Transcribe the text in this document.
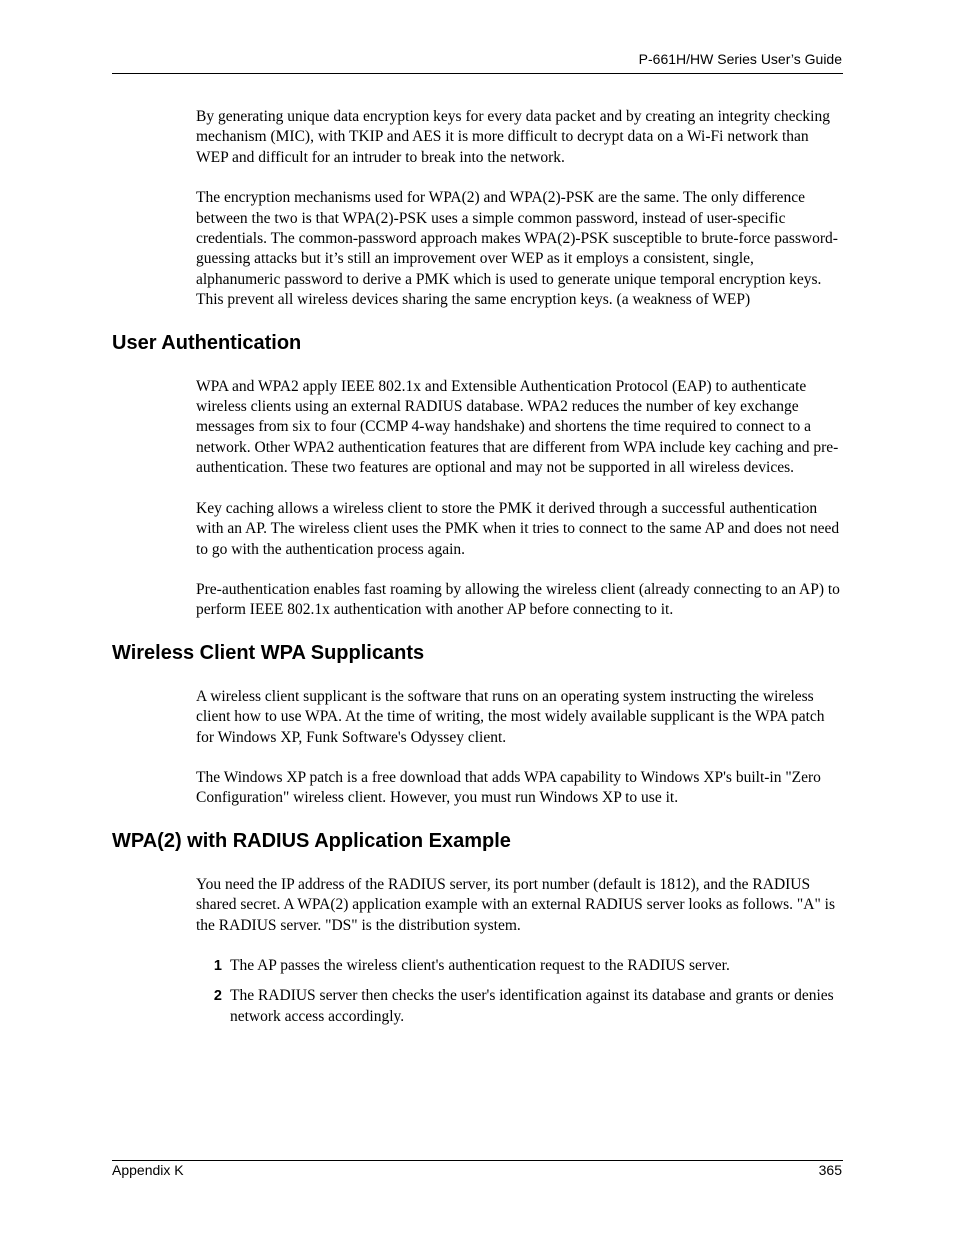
P-661H/HW Series User’s Guide

By generating unique data encryption keys for every data packet and by creating an integrity checking mechanism (MIC), with TKIP and AES it is more difficult to decrypt data on a Wi-Fi network than WEP and difficult for an intruder to break into the network.

The encryption mechanisms used for WPA(2) and WPA(2)-PSK are the same. The only difference between the two is that WPA(2)-PSK uses a simple common password, instead of user-specific credentials. The common-password approach makes WPA(2)-PSK susceptible to brute-force password-guessing attacks but it’s still an improvement over WEP as it employs a consistent, single, alphanumeric password to derive a PMK which is used to generate unique temporal encryption keys. This prevent all wireless devices sharing the same encryption keys. (a weakness of WEP)

User Authentication

WPA and WPA2 apply IEEE 802.1x and Extensible Authentication Protocol (EAP) to authenticate wireless clients using an external RADIUS database. WPA2 reduces the number of key exchange messages from six to four (CCMP 4-way handshake) and shortens the time required to connect to a network. Other WPA2 authentication features that are different from WPA include key caching and pre-authentication. These two features are optional and may not be supported in all wireless devices.

Key caching allows a wireless client to store the PMK it derived through a successful authentication with an AP. The wireless client uses the PMK when it tries to connect to the same AP and does not need to go with the authentication process again.

Pre-authentication enables fast roaming by allowing the wireless client (already connecting to an AP) to perform IEEE 802.1x authentication with another AP before connecting to it.

Wireless Client WPA Supplicants

A wireless client supplicant is the software that runs on an operating system instructing the wireless client how to use WPA. At the time of writing, the most widely available supplicant is the WPA patch for Windows XP, Funk Software's Odyssey client.

The Windows XP patch is a free download that adds WPA capability to Windows XP's built-in "Zero Configuration" wireless client. However, you must run Windows XP to use it.

WPA(2) with RADIUS Application Example

You need the IP address of the RADIUS server, its port number (default is 1812), and the RADIUS shared secret. A WPA(2) application example with an external RADIUS server looks as follows. "A" is the RADIUS server. "DS" is the distribution system.

1 The AP passes the wireless client's authentication request to the RADIUS server.
2 The RADIUS server then checks the user's identification against its database and grants or denies network access accordingly.
Appendix K	365
